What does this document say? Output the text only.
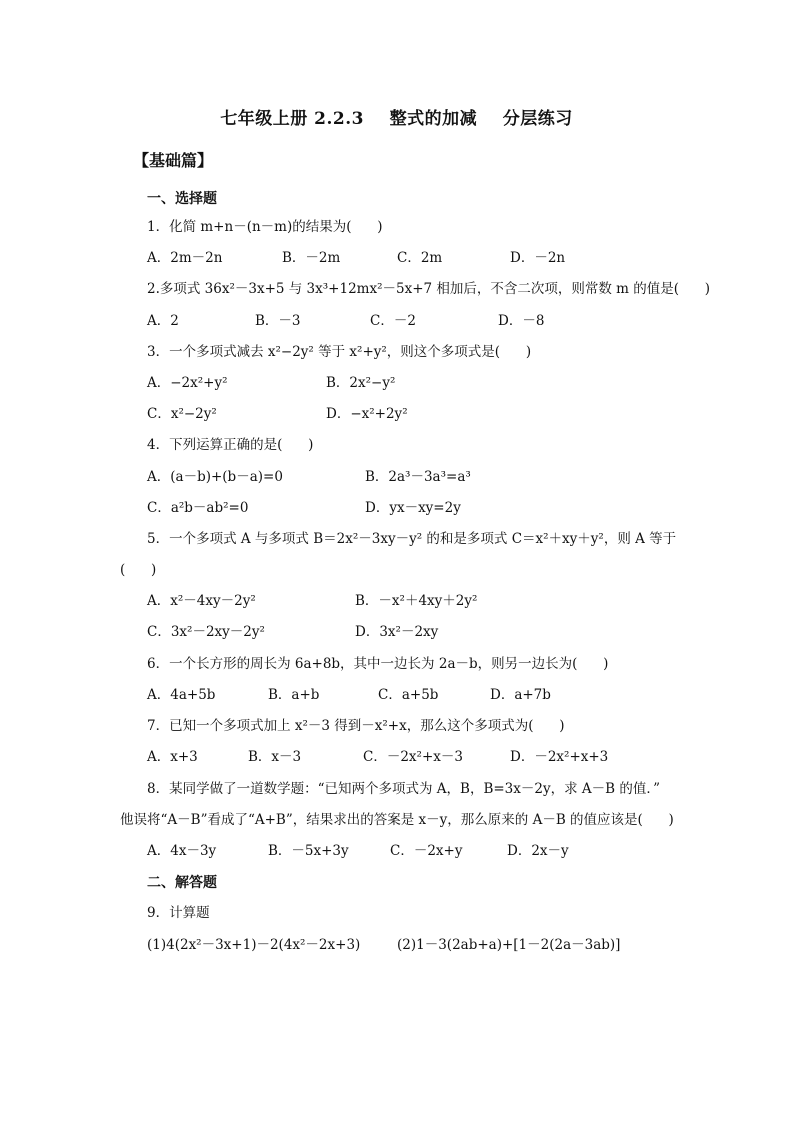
七年级上册 2.2.3    整式的加减    分层练习
【基础篇】
一、选择题
1．化简 m+n－(n－m)的结果为(      )
A．2m－2n	B．－2m	C．2m	D．－2n
2.多项式 36x²－3x+5 与 3x³+12mx²－5x+7 相加后，不含二次项，则常数 m 的值是(      )
A．2	B．－3	C．－2	D．－8
3．一个多项式减去 x²−2y² 等于 x²+y²，则这个多项式是(      )
A．−2x²+y²	B．2x²−y²
C．x²−2y²	D．−x²+2y²
4．下列运算正确的是(      )
A．(a－b)+(b－a)=0	B．2a³－3a³=a³
C．a²b－ab²=0	D．yx－xy=2y
5．一个多项式 A 与多项式 B＝2x²－3xy－y² 的和是多项式 C＝x²＋xy＋y²，则 A 等于
(      )
A．x²－4xy－2y²	B．－x²＋4xy＋2y²
C．3x²－2xy－2y²	D．3x²－2xy
6．一个长方形的周长为 6a+8b，其中一边长为 2a－b，则另一边长为(      )
A．4a+5b	B．a+b	C．a+5b	D．a+7b
7．已知一个多项式加上 x²－3 得到－x²+x，那么这个多项式为(      )
A．x+3	B．x－3	C．－2x²+x－3	D．－2x²+x+3
8．某同学做了一道数学题：“已知两个多项式为 A，B，B=3x－2y，求 A－B 的值．”
他误将“A－B”看成了“A+B”，结果求出的答案是 x－y，那么原来的 A－B 的值应该是(      )
A．4x－3y	B．－5x+3y	C．－2x+y	D．2x－y
二、解答题
9．计算题
(1)4(2x²－3x+1)－2(4x²－2x+3)	(2)1－3(2ab+a)+[1－2(2a－3ab)]
